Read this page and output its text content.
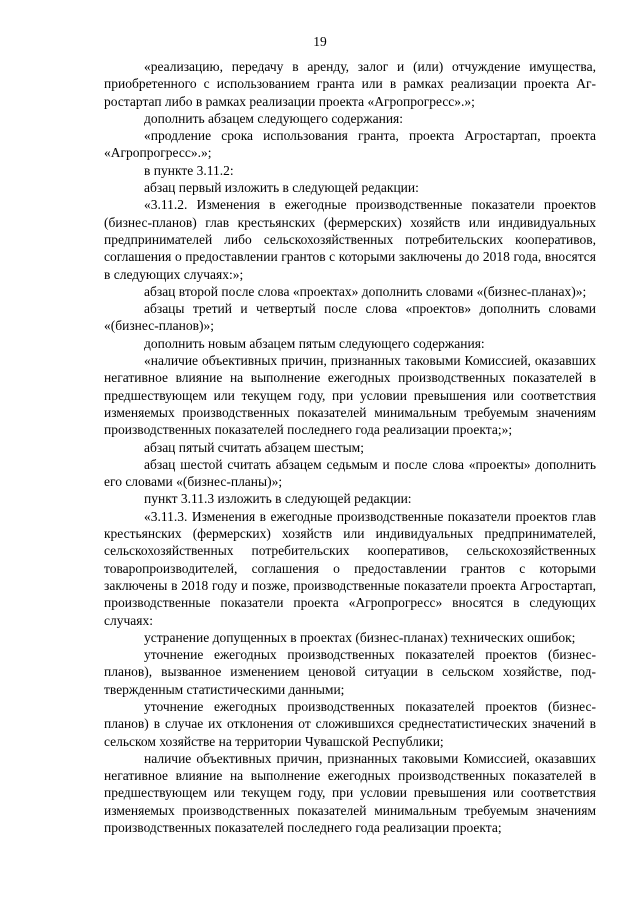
19

«реализацию, передачу в аренду, залог и (или) отчуждение имущества, приобретенного с использованием гранта или в рамках реализации проекта Агростартап либо в рамках реализации проекта «Агропрогресс».»;

дополнить абзацем следующего содержания:

«продление срока использования гранта, проекта Агростартап, проекта «Агропрогресс».»;

в пункте 3.11.2:

абзац первый изложить в следующей редакции:

«3.11.2. Изменения в ежегодные производственные показатели проектов (бизнес-планов) глав крестьянских (фермерских) хозяйств или индивидуальных предпринимателей либо сельскохозяйственных потребительских кооперативов, соглашения о предоставлении грантов с которыми заключены до 2018 года, вносятся в следующих случаях:»;

абзац второй после слова «проектах» дополнить словами «(бизнес-планах)»;

абзацы третий и четвертый после слова «проектов» дополнить словами «(бизнес-планов)»;

дополнить новым абзацем пятым следующего содержания:

«наличие объективных причин, признанных таковыми Комиссией, оказавших негативное влияние на выполнение ежегодных производственных показателей в предшествующем или текущем году, при условии превышения или соответствия изменяемых производственных показателей минимальным требуемым значениям производственных показателей последнего года реализации проекта;»;

абзац пятый считать абзацем шестым;

абзац шестой считать абзацем седьмым и после слова «проекты» дополнить его словами «(бизнес-планы)»;

пункт 3.11.3 изложить в следующей редакции:

«3.11.3. Изменения в ежегодные производственные показатели проектов глав крестьянских (фермерских) хозяйств или индивидуальных предпринимателей, сельскохозяйственных потребительских кооперативов, сельскохозяйственных товаропроизводителей, соглашения о предоставлении грантов с которыми заключены в 2018 году и позже, производственные показатели проекта Агростартап, производственные показатели проекта «Агропрогресс» вносятся в следующих случаях:

устранение допущенных в проектах (бизнес-планах) технических ошибок;

уточнение ежегодных производственных показателей проектов (бизнес-планов), вызванное изменением ценовой ситуации в сельском хозяйстве, подтвержденным статистическими данными;

уточнение ежегодных производственных показателей проектов (бизнес-планов) в случае их отклонения от сложившихся среднестатистических значений в сельском хозяйстве на территории Чувашской Республики;

наличие объективных причин, признанных таковыми Комиссией, оказавших негативное влияние на выполнение ежегодных производственных показателей в предшествующем или текущем году, при условии превышения или соответствия изменяемых производственных показателей минимальным требуемым значениям производственных показателей последнего года реализации проекта;
